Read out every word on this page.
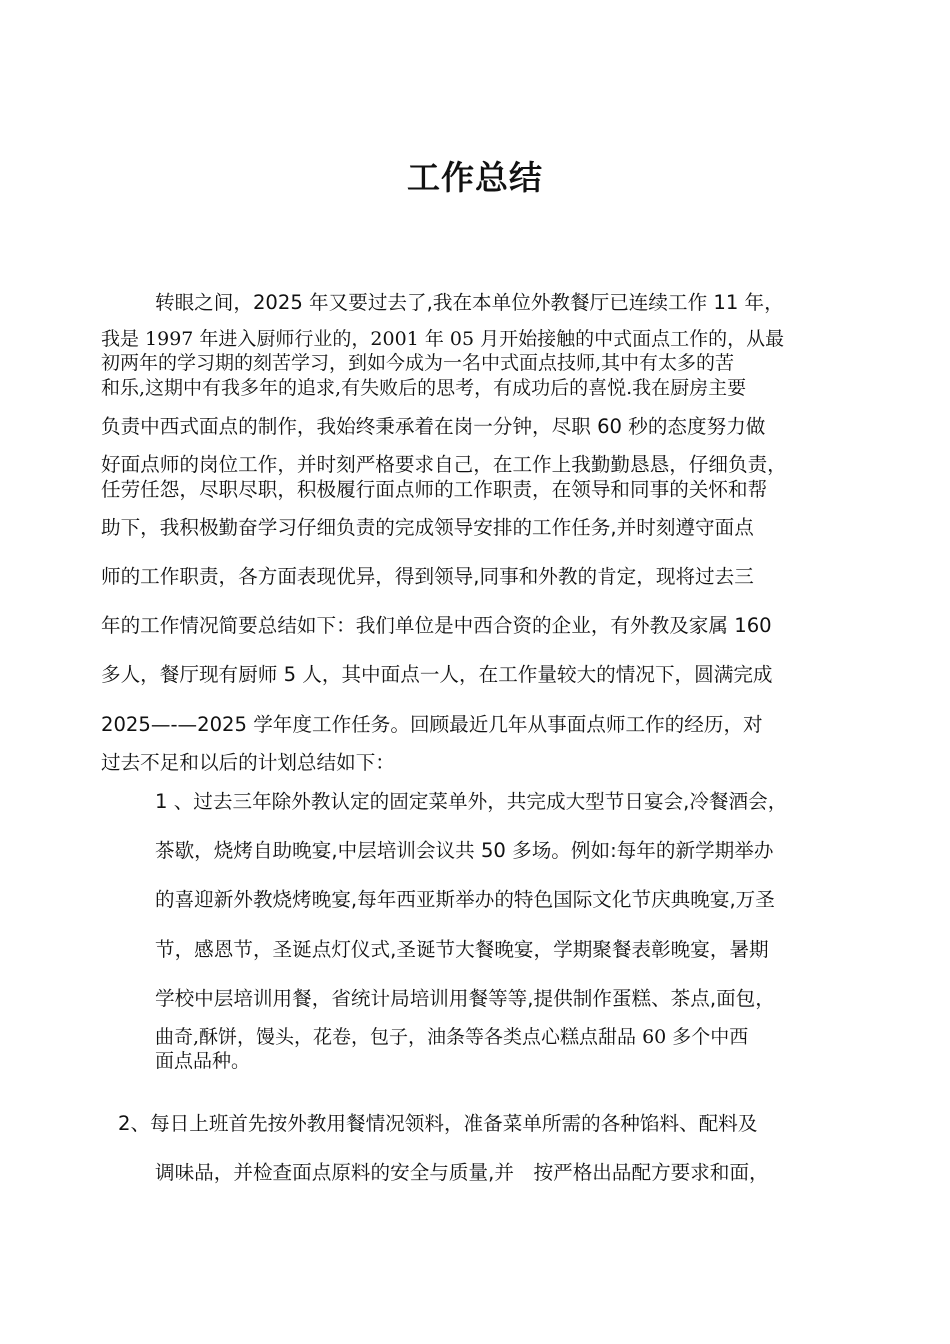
工作总结
转眼之间，2025 年又要过去了,我在本单位外教餐厅已连续工作 11 年，
我是 1997 年进入厨师行业的，2001 年 05 月开始接触的中式面点工作的，从最
初两年的学习期的刻苦学习，到如今成为一名中式面点技师,其中有太多的苦
和乐,这期中有我多年的追求,有失败后的思考，有成功后的喜悦.我在厨房主要
负责中西式面点的制作，我始终秉承着在岗一分钟，尽职 60 秒的态度努力做
好面点师的岗位工作，并时刻严格要求自己，在工作上我勤勤恳恳，仔细负责，
任劳任怨，尽职尽职，积极履行面点师的工作职责，在领导和同事的关怀和帮
助下，我积极勤奋学习仔细负责的完成领导安排的工作任务,并时刻遵守面点
师的工作职责，各方面表现优异，得到领导,同事和外教的肯定，现将过去三
年的工作情况简要总结如下：我们单位是中西合资的企业，有外教及家属 160
多人，餐厅现有厨师 5 人，其中面点一人，在工作量较大的情况下，圆满完成
2025—-—2025 学年度工作任务。回顾最近几年从事面点师工作的经历，对
过去不足和以后的计划总结如下：
1 、过去三年除外教认定的固定菜单外，共完成大型节日宴会,冷餐酒会，
茶歇，烧烤自助晚宴,中层培训会议共 50 多场。例如:每年的新学期举办
的喜迎新外教烧烤晚宴,每年西亚斯举办的特色国际文化节庆典晚宴,万圣
节，感恩节，圣诞点灯仪式,圣诞节大餐晚宴，学期聚餐表彰晚宴，暑期
学校中层培训用餐，省统计局培训用餐等等,提供制作蛋糕、茶点,面包，
曲奇,酥饼，馒头，花卷，包子，油条等各类点心糕点甜品 60 多个中西
面点品种。
2、每日上班首先按外教用餐情况领料，准备菜单所需的各种馅料、配料及
调味品，并检查面点原料的安全与质量,并　按严格出品配方要求和面，
